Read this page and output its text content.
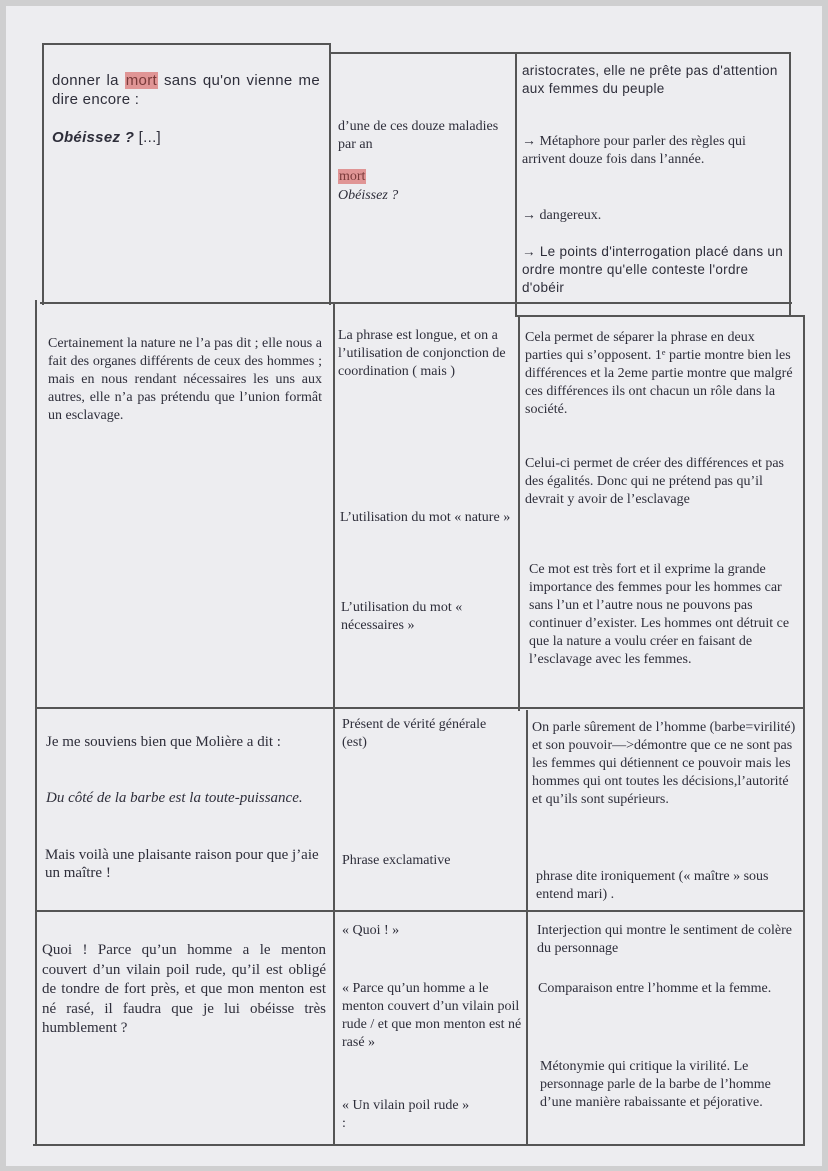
donner la mort sans qu'on vienne me dire encore :

Obéissez ? [...]

d’une de ces douze maladies par an

mort

Obéissez ?
aristocrates, elle ne prête pas d'attention aux femmes du peuple
→ Métaphore pour parler des règles qui arrivent douze fois dans l’année.
→ dangereux.
→ Le points d'interrogation placé dans un ordre montre qu'elle conteste l'ordre d'obéir
Certainement la nature ne l’a pas dit ; elle nous a fait des organes différents de ceux des hommes ; mais en nous rendant nécessaires les uns aux autres, elle n’a pas prétendu que l’union formât un esclavage.
La phrase est longue, et on a l’utilisation de conjonction de coordination ( mais )
L’utilisation du mot « nature »
L’utilisation du mot « nécessaires »
Cela permet de séparer la phrase en deux parties qui s’opposent. 1ᵉ partie montre bien les différences et la 2eme partie montre que malgré ces différences ils ont chacun un rôle dans la société.
Celui-ci permet de créer des différences et pas des égalités. Donc qui ne prétend pas qu’il devrait y avoir de l’esclavage
Ce mot est très fort et il exprime la grande importance des femmes pour les hommes car sans l’un et l’autre nous ne pouvons pas continuer d’exister. Les hommes ont détruit ce que la nature a voulu créer en faisant de l’esclavage avec les femmes.
Je me souviens bien que Molière a dit :
Du côté de la barbe est la toute-puissance.
Mais voilà une plaisante raison pour que j’aie un maître !
Présent de vérité générale (est)
Phrase exclamative
On parle sûrement de l’homme (barbe=virilité) et son pouvoir—>démontre que ce ne sont pas les femmes qui détiennent ce pouvoir mais les hommes qui ont toutes les décisions,l’autorité et qu’ils sont supérieurs.
phrase dite ironiquement (« maître » sous entend mari) .
Quoi ! Parce qu’un homme a le menton couvert d’un vilain poil rude, qu’il est obligé de tondre de fort près, et que mon menton est né rasé, il faudra que je lui obéisse très humblement ?
« Quoi ! »
« Parce qu’un homme a le menton couvert d’un vilain poil rude / et que mon menton est né rasé »
« Un vilain poil rude »
:
Interjection qui montre le sentiment de colère du personnage
Comparaison entre l’homme et la femme.
Métonymie qui critique la virilité. Le personnage parle de la barbe de l’homme d’une manière rabaissante et péjorative.
